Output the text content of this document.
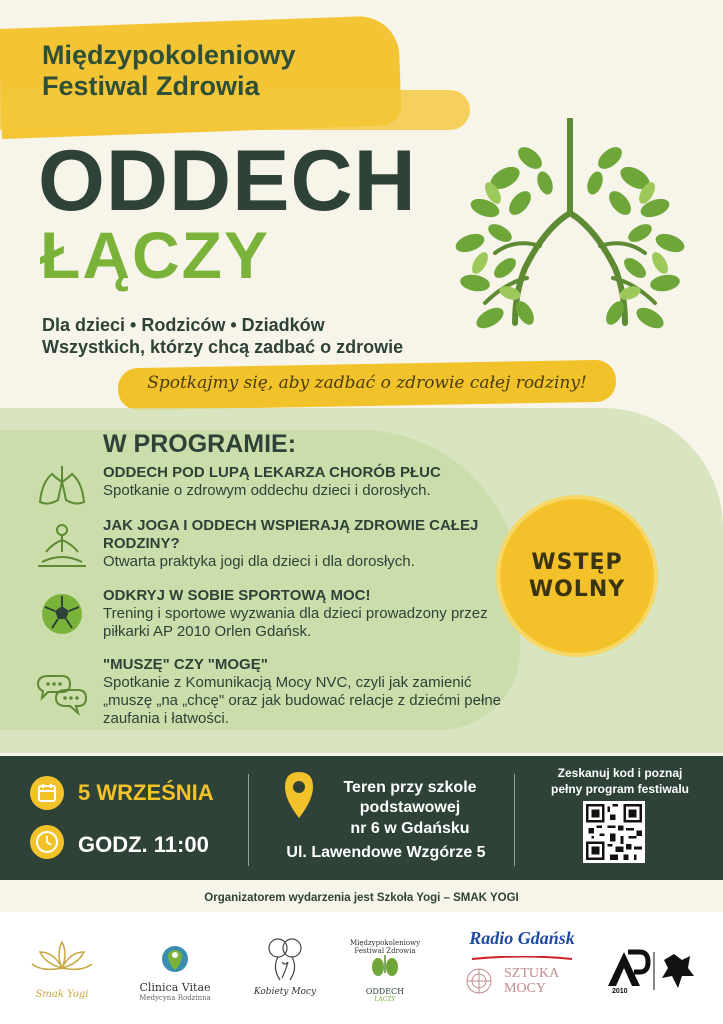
Międzypokoleniowy
Festiwal Zdrowia
ODDECH
ŁĄCZY
Dla dzieci • Rodziców • Dziadków
Wszystkich, którzy chcą zadbać o zdrowie
Spotkajmy się, aby zadbać o zdrowie całej rodziny!
W PROGRAMIE:
ODDECH POD LUPĄ LEKARZA CHORÓB PŁUC
Spotkanie o zdrowym oddechu dzieci i dorosłych.
JAK JOGA I ODDECH WSPIERAJĄ ZDROWIE CAŁEJ RODZINY?
Otwarta praktyka jogi dla dzieci i dla dorosłych.
ODKRYJ W SOBIE SPORTOWĄ MOC!
Trening i sportowe wyzwania dla dzieci prowadzony przez piłkarki AP 2010 Orlen Gdańsk.
"MUSZĘ" CZY "MOGĘ"
Spotkanie z Komunikacją Mocy NVC, czyli jak zamienić „muszę „na „chcę" oraz jak budować relacje z dziećmi pełne zaufania i łatwości.
WSTĘP
WOLNY
5 WRZEŚNIA
GODZ. 11:00
Teren przy szkole
podstawowej
nr 6 w Gdańsku
Ul. Lawendowe Wzgórze 5
Zeskanuj kod i poznaj
pełny program festiwalu
Organizatorem wydarzenia jest Szkoła Yogi – SMAK YOGI
Smak Yogi
Clinica Vitae
Medycyna Rodzinna
Kobiety Mocy
Międzypokoleniowy
Festiwal Zdrowia
ODDECH
ŁĄCZY
Radio Gdańsk
SZTUKA
MOCY	2010
